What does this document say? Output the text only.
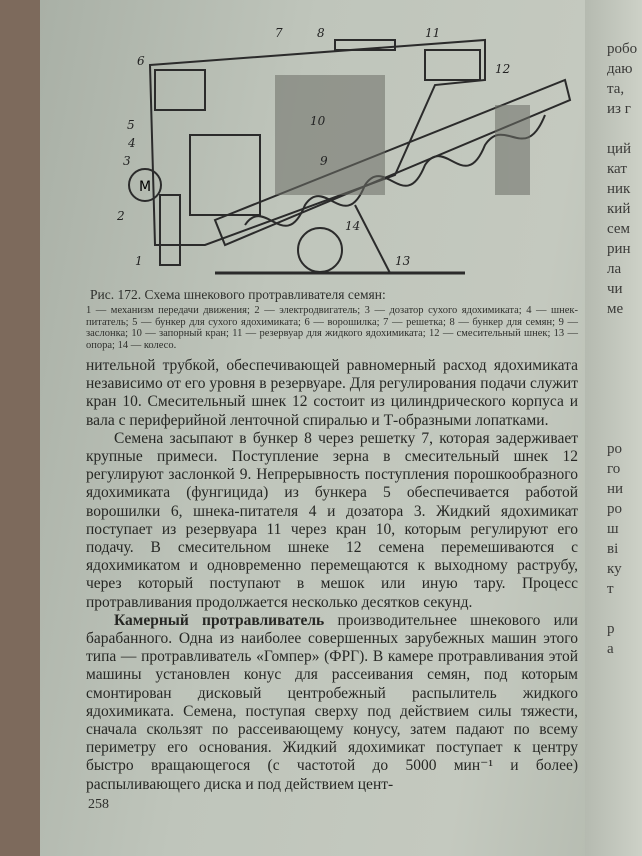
робо
даю
та,
из г
ций
кат
ник
кий
сем
рин
ла
чи
ме
ро
го
ни
ро
ш
ві
ку
т
р
а
M
1
2
3
4
5
6
7	8
9
10
11
12
13
14
Рис. 172. Схема шнекового протравливателя семян:
1 — механизм передачи движения; 2 — электродвигатель; 3 — дозатор сухого ядохимиката; 4 — шнек-питатель; 5 — бункер для сухого ядохимиката; 6 — ворошилка; 7 — решетка; 8 — бункер для семян; 9 — заслонка; 10 — запорный кран; 11 — резервуар для жидкого ядохимиката; 12 — смесительный шнек; 13 — опора; 14 — колесо.

нительной трубкой, обеспечивающей равномерный расход ядохимиката независимо от его уровня в резервуаре. Для регулирования подачи служит кран 10. Смесительный шнек 12 состоит из цилиндрического корпуса и вала с периферийной ленточной спиралью и Т-образными лопатками.

Семена засыпают в бункер 8 через решетку 7, которая задерживает крупные примеси. Поступление зерна в смесительный шнек 12 регулируют заслонкой 9. Непрерывность поступления порошкообразного ядохимиката (фунгицида) из бункера 5 обеспечивается работой ворошилки 6, шнека-питателя 4 и дозатора 3. Жидкий ядохимикат поступает из резервуара 11 через кран 10, которым регулируют его подачу. В смесительном шнеке 12 семена перемешиваются с ядохимикатом и одновременно перемещаются к выходному раструбу, через который поступают в мешок или иную тару. Процесс протравливания продолжается несколько десятков секунд.

Камерный протравливатель производительнее шнекового или барабанного. Одна из наиболее совершенных зарубежных машин этого типа — протравливатель «Гомпер» (ФРГ). В камере протравливания этой машины установлен конус для рассеивания семян, под которым смонтирован дисковый центробежный распылитель жидкого ядохимиката. Семена, поступая сверху под действием силы тяжести, сначала скользят по рассеивающему конусу, затем падают по всему периметру его основания. Жидкий ядохимикат поступает к центру быстро вращающегося (с частотой до 5000 мин⁻¹ и более) распыливающего диска и под действием цент-

258
